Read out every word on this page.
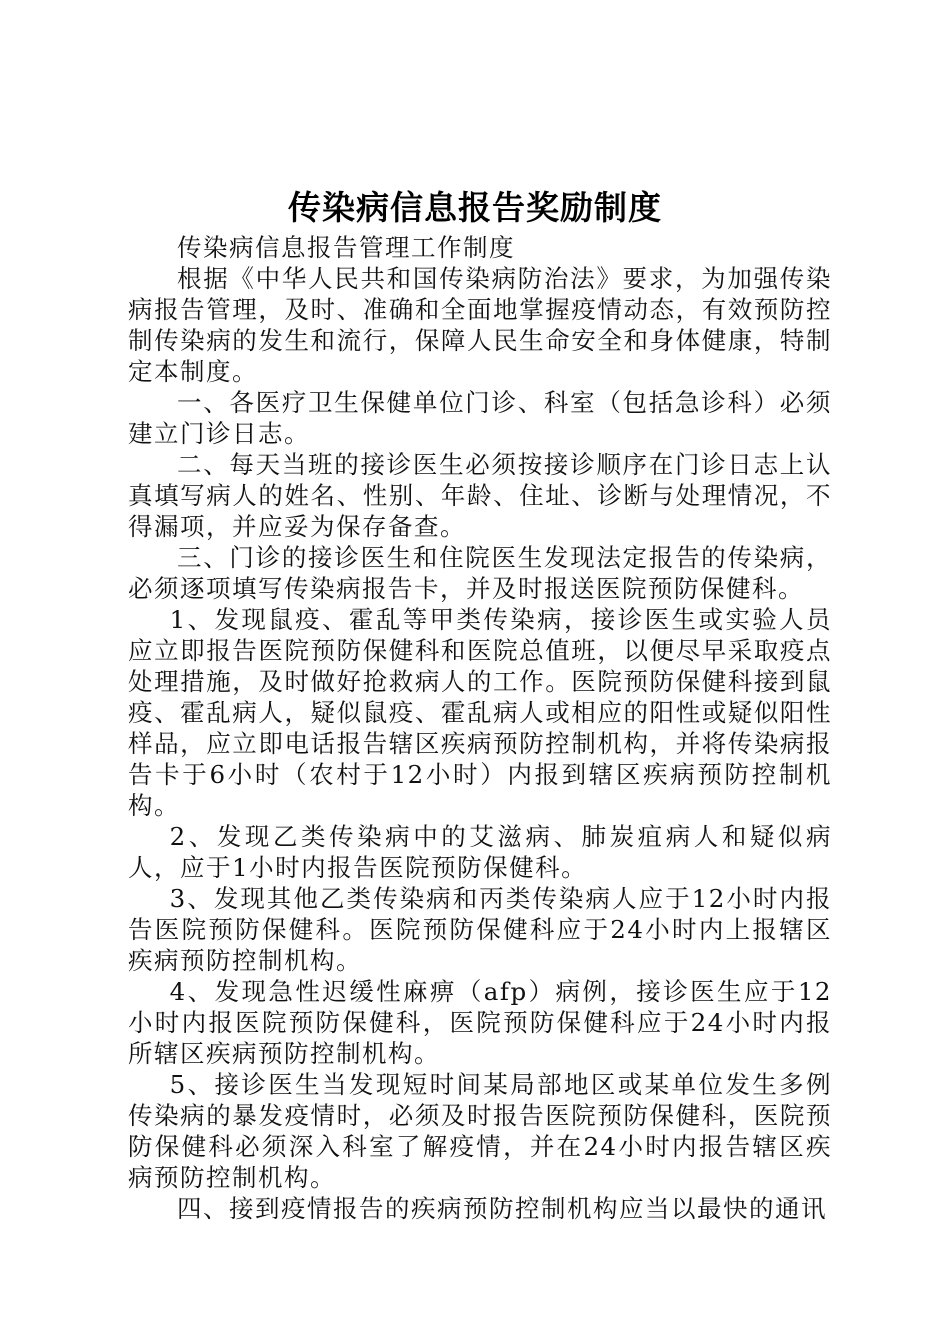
传染病信息报告奖励制度

传染病信息报告管理工作制度

根据《中华人民共和国传染病防治法》要求，为加强传染病报告管理，及时、准确和全面地掌握疫情动态，有效预防控制传染病的发生和流行，保障人民生命安全和身体健康，特制定本制度。

一、各医疗卫生保健单位门诊、科室（包括急诊科）必须建立门诊日志。

二、每天当班的接诊医生必须按接诊顺序在门诊日志上认真填写病人的姓名、性别、年龄、住址、诊断与处理情况，不得漏项，并应妥为保存备查。

三、门诊的接诊医生和住院医生发现法定报告的传染病，必须逐项填写传染病报告卡，并及时报送医院预防保健科。

1、发现鼠疫、霍乱等甲类传染病，接诊医生或实验人员应立即报告医院预防保健科和医院总值班，以便尽早采取疫点处理措施，及时做好抢救病人的工作。医院预防保健科接到鼠疫、霍乱病人，疑似鼠疫、霍乱病人或相应的阳性或疑似阳性样品，应立即电话报告辖区疾病预防控制机构，并将传染病报告卡于6小时（农村于12小时）内报到辖区疾病预防控制机构。

2、发现乙类传染病中的艾滋病、肺炭疽病人和疑似病人，应于1小时内报告医院预防保健科。

3、发现其他乙类传染病和丙类传染病人应于12小时内报告医院预防保健科。医院预防保健科应于24小时内上报辖区疾病预防控制机构。

4、发现急性迟缓性麻痹（afp）病例，接诊医生应于12小时内报医院预防保健科，医院预防保健科应于24小时内报所辖区疾病预防控制机构。

5、接诊医生当发现短时间某局部地区或某单位发生多例传染病的暴发疫情时，必须及时报告医院预防保健科，医院预防保健科必须深入科室了解疫情，并在24小时内报告辖区疾病预防控制机构。

四、接到疫情报告的疾病预防控制机构应当以最快的通讯
